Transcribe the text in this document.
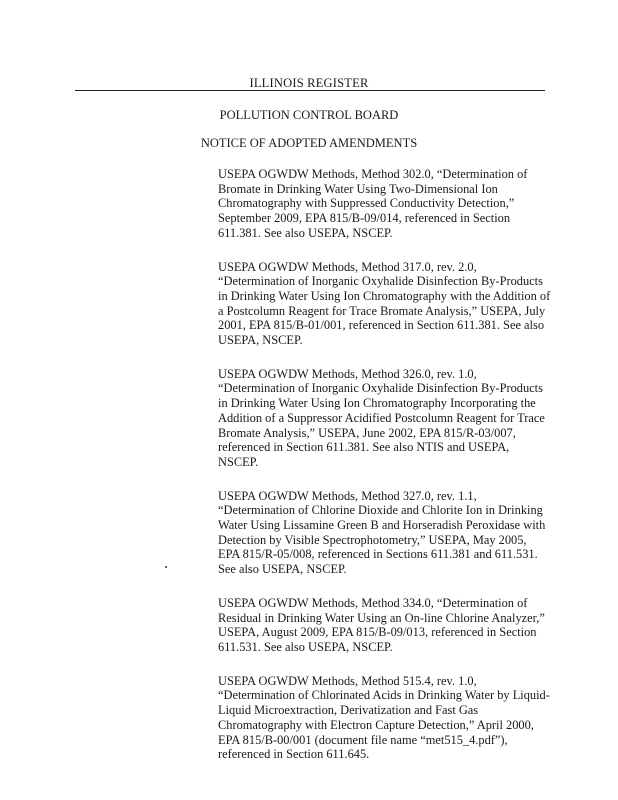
ILLINOIS REGISTER
POLLUTION CONTROL BOARD
NOTICE OF ADOPTED AMENDMENTS
USEPA OGWDW Methods, Method 302.0, “Determination of
Bromate in Drinking Water Using Two-Dimensional Ion
Chromatography with Suppressed Conductivity Detection,”
September 2009, EPA 815/B-09/014, referenced in Section
611.381. See also USEPA, NSCEP.
USEPA OGWDW Methods, Method 317.0, rev. 2.0,
“Determination of Inorganic Oxyhalide Disinfection By-Products
in Drinking Water Using Ion Chromatography with the Addition of
a Postcolumn Reagent for Trace Bromate Analysis,” USEPA, July
2001, EPA 815/B-01/001, referenced in Section 611.381. See also
USEPA, NSCEP.
USEPA OGWDW Methods, Method 326.0, rev. 1.0,
“Determination of Inorganic Oxyhalide Disinfection By-Products
in Drinking Water Using Ion Chromatography Incorporating the
Addition of a Suppressor Acidified Postcolumn Reagent for Trace
Bromate Analysis,” USEPA, June 2002, EPA 815/R-03/007,
referenced in Section 611.381. See also NTIS and USEPA,
NSCEP.
USEPA OGWDW Methods, Method 327.0, rev. 1.1,
“Determination of Chlorine Dioxide and Chlorite Ion in Drinking
Water Using Lissamine Green B and Horseradish Peroxidase with
Detection by Visible Spectrophotometry,” USEPA, May 2005,
EPA 815/R-05/008, referenced in Sections 611.381 and 611.531.
See also USEPA, NSCEP.
USEPA OGWDW Methods, Method 334.0, “Determination of
Residual in Drinking Water Using an On-line Chlorine Analyzer,”
USEPA, August 2009, EPA 815/B-09/013, referenced in Section
611.531. See also USEPA, NSCEP.
USEPA OGWDW Methods, Method 515.4, rev. 1.0,
“Determination of Chlorinated Acids in Drinking Water by Liquid-
Liquid Microextraction, Derivatization and Fast Gas
Chromatography with Electron Capture Detection,” April 2000,
EPA 815/B-00/001 (document file name “met515_4.pdf”),
referenced in Section 611.645.
